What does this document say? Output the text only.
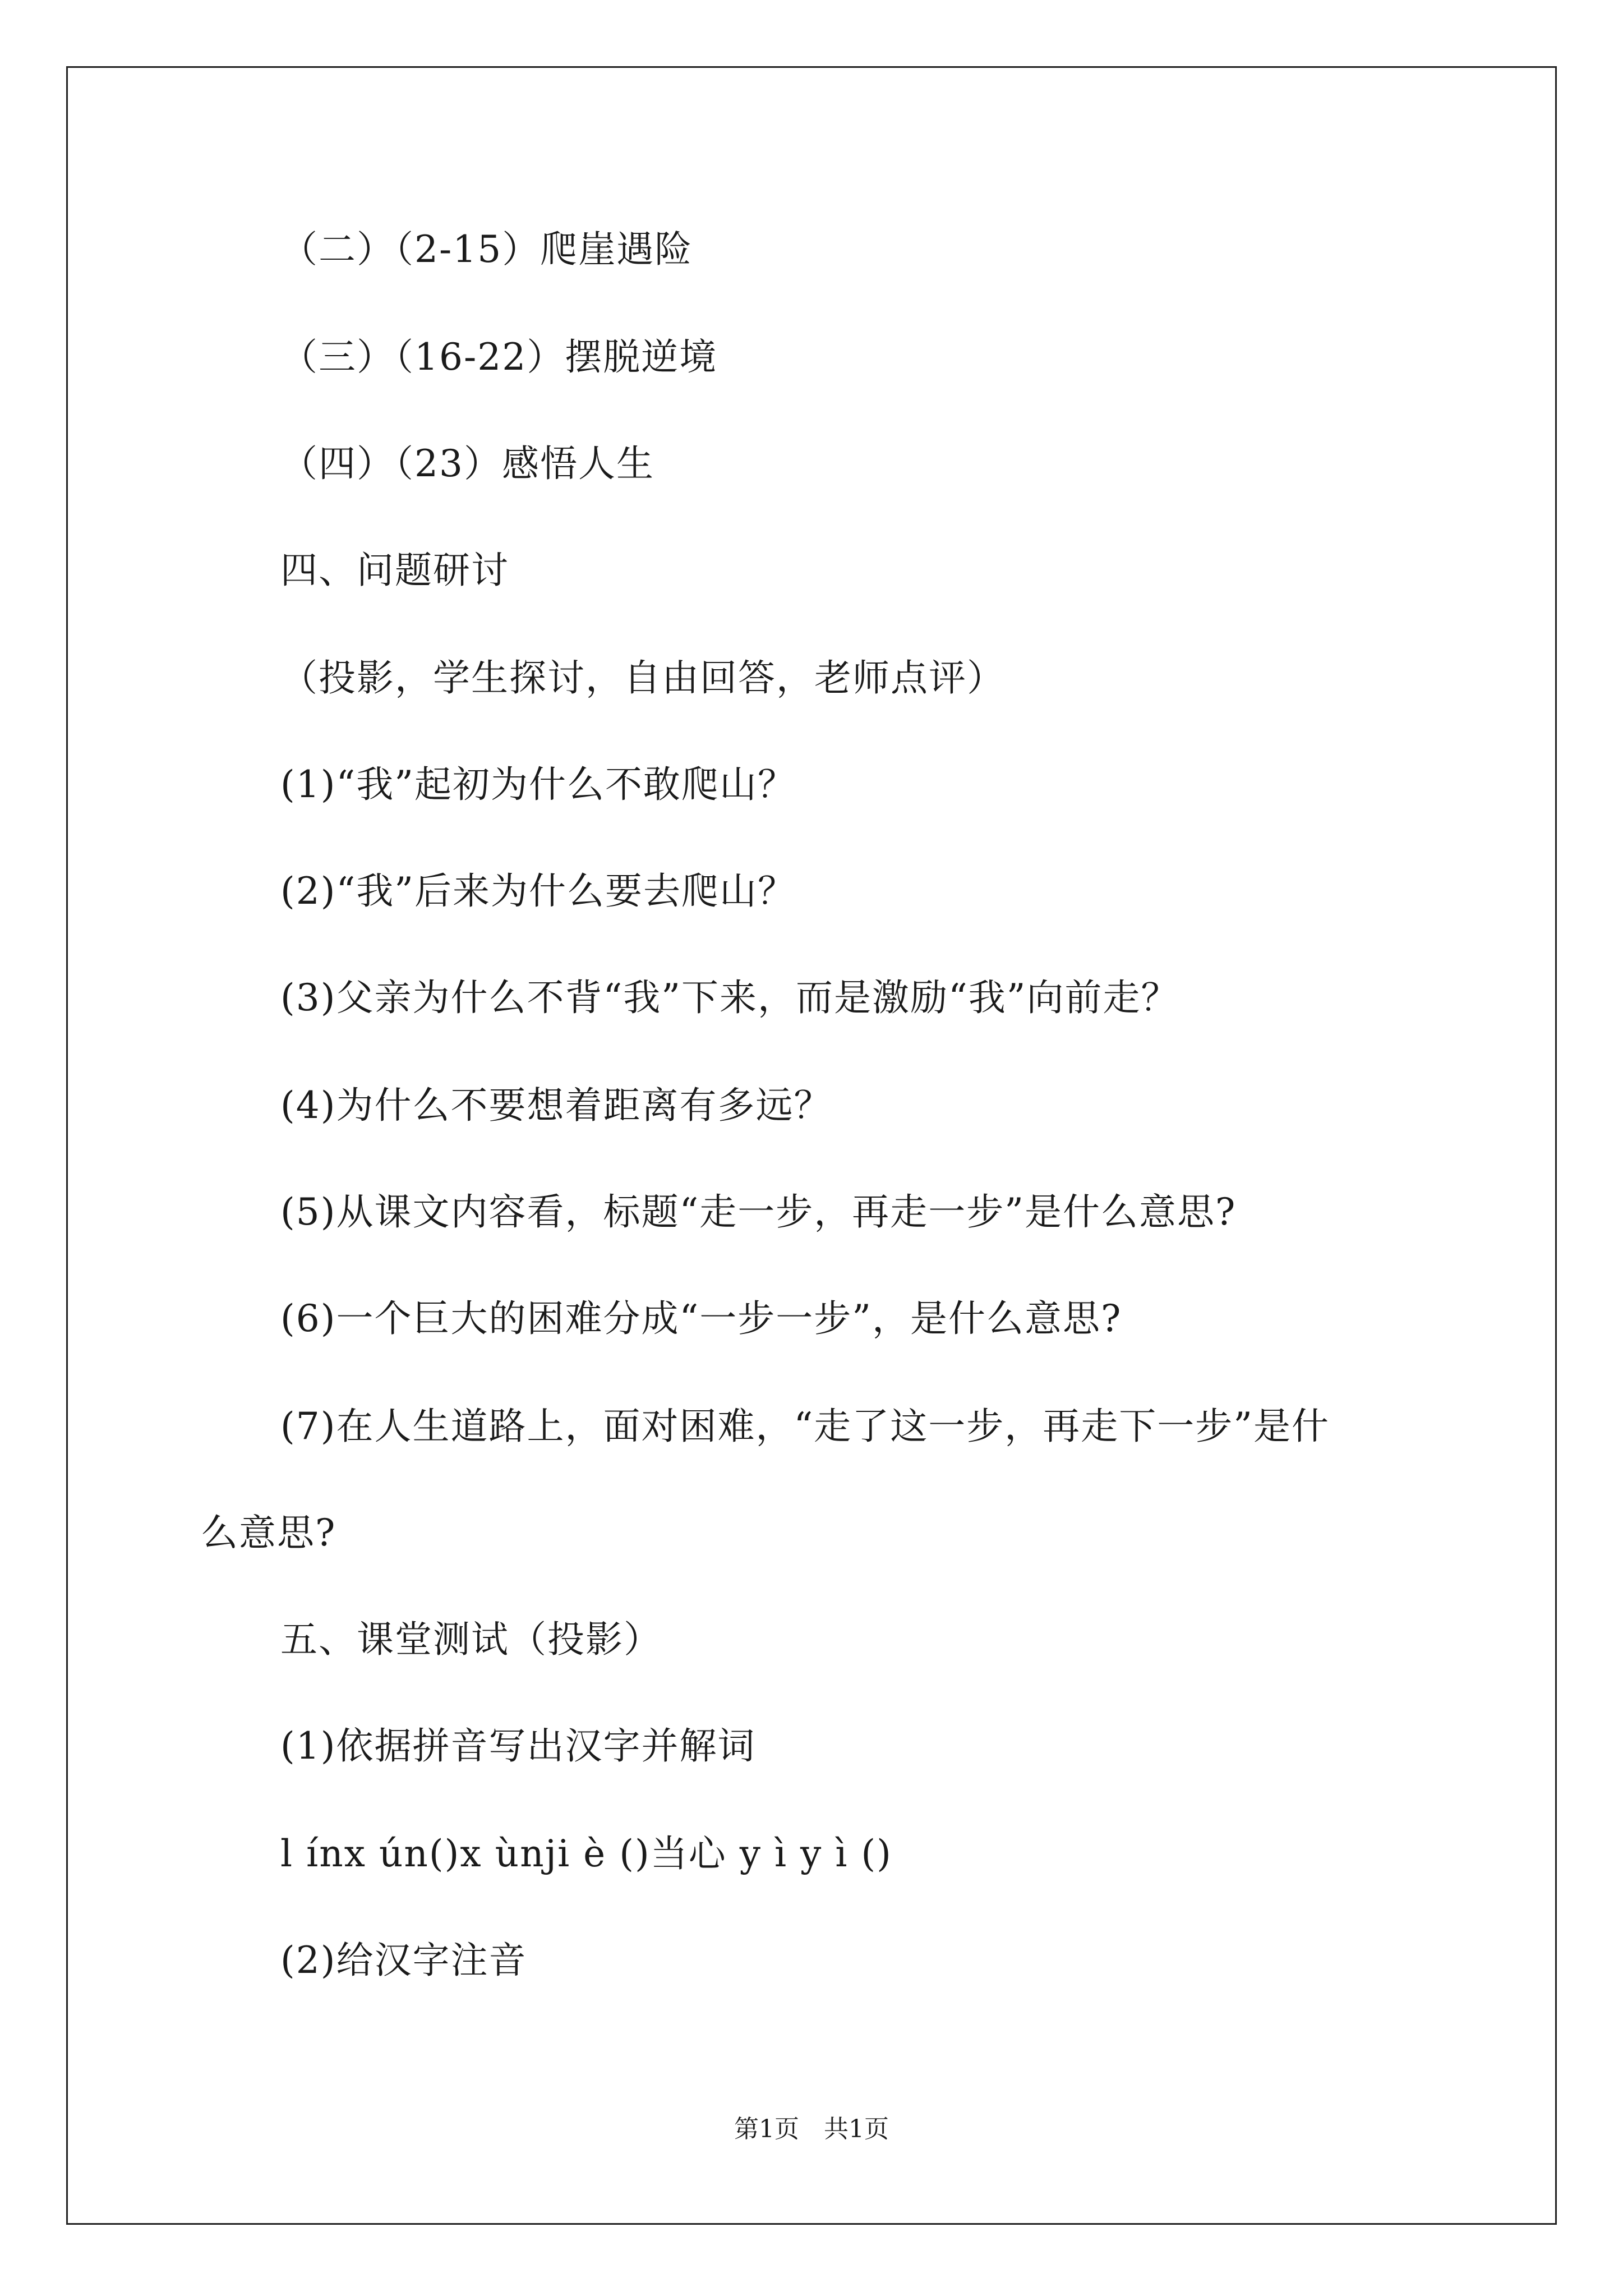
（二）（2-15）爬崖遇险
（三）（16-22）摆脱逆境
（四）（23）感悟人生
四、问题研讨
（投影，学生探讨，自由回答，老师点评）
(1)“我”起初为什么不敢爬山？
(2)“我”后来为什么要去爬山？
(3)父亲为什么不背“我”下来，而是激励“我”向前走？
(4)为什么不要想着距离有多远？
(5)从课文内容看，标题“走一步，再走一步”是什么意思?
(6)一个巨大的困难分成“一步一步”，是什么意思?
(7)在人生道路上，面对困难，“走了这一步，再走下一步”是什
么意思?
五、课堂测试（投影）
(1)依据拼音写出汉字并解词
l ínx ún()x ùnji è ()当心 y ì y ì ()
(2)给汉字注音
第1页　共1页
